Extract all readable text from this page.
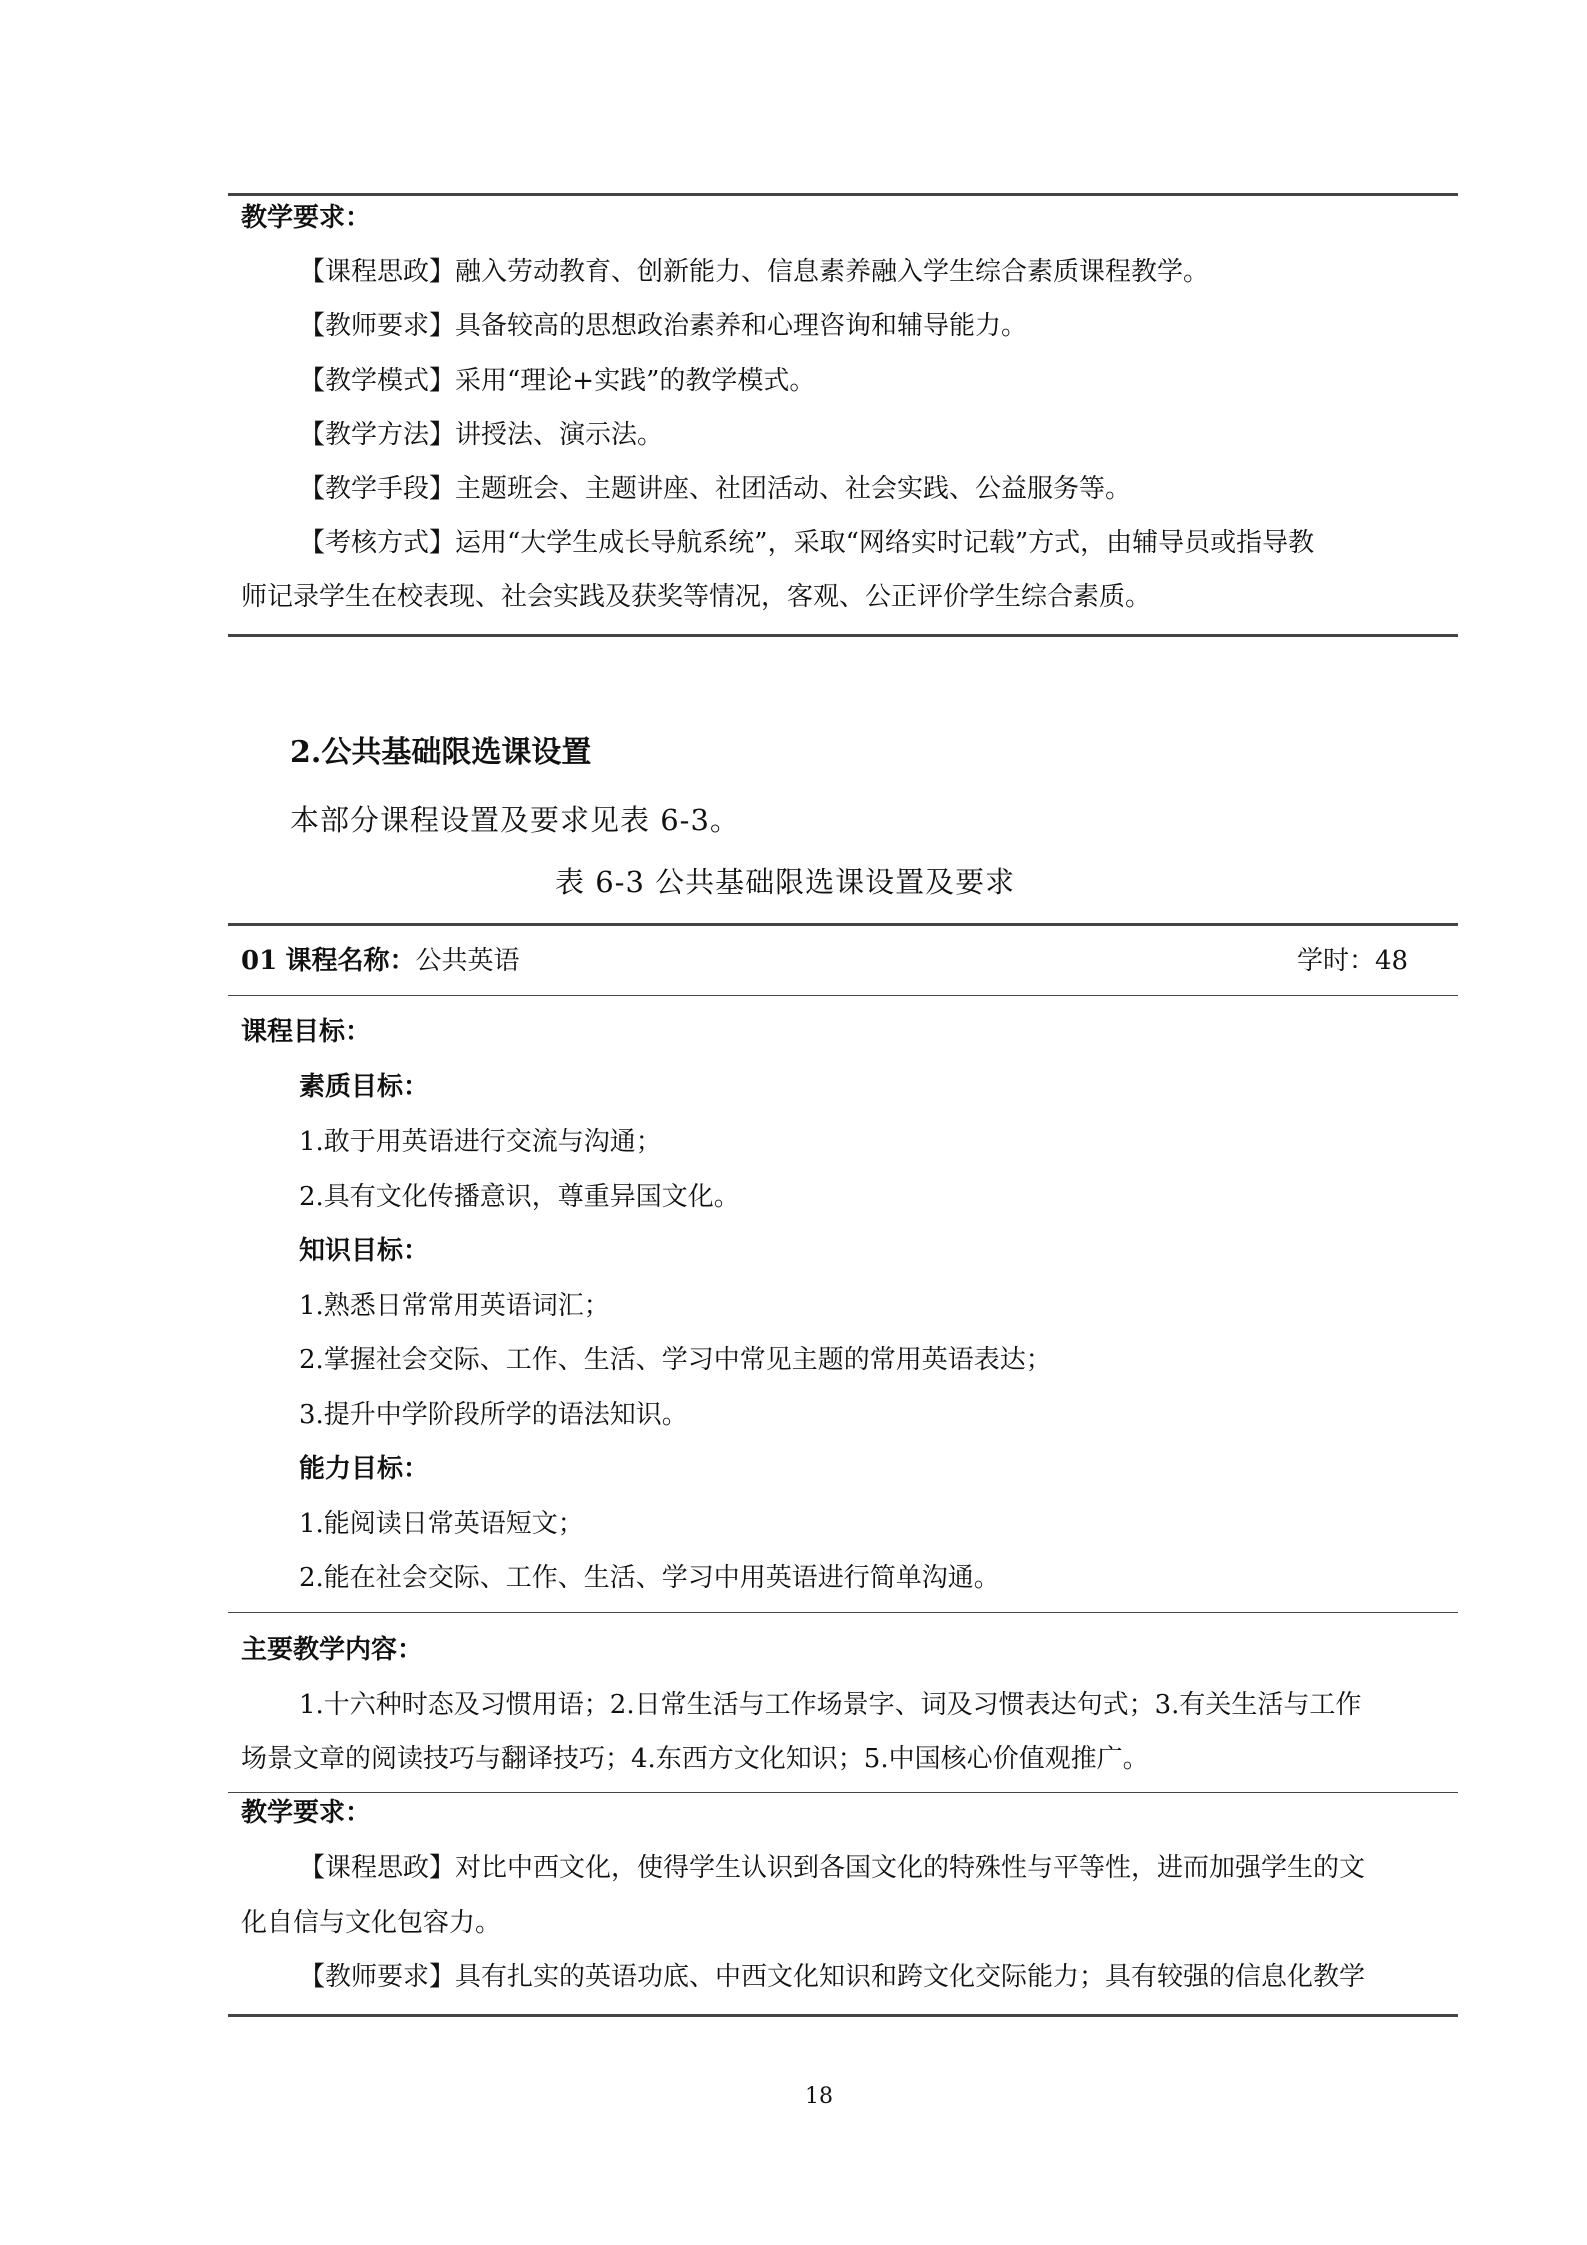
教学要求：
【课程思政】融入劳动教育、创新能力、信息素养融入学生综合素质课程教学。
【教师要求】具备较高的思想政治素养和心理咨询和辅导能力。
【教学模式】采用“理论+实践”的教学模式。
【教学方法】讲授法、演示法。
【教学手段】主题班会、主题讲座、社团活动、社会实践、公益服务等。
【考核方式】运用“大学生成长导航系统”，采取“网络实时记载”方式，由辅导员或指导教
师记录学生在校表现、社会实践及获奖等情况，客观、公正评价学生综合素质。
2.公共基础限选课设置
本部分课程设置及要求见表 6-3。
表 6-3 公共基础限选课设置及要求
01 课程名称：公共英语	学时：48
课程目标：
素质目标：
1.敢于用英语进行交流与沟通；
2.具有文化传播意识，尊重异国文化。
知识目标：
1.熟悉日常常用英语词汇；
2.掌握社会交际、工作、生活、学习中常见主题的常用英语表达；
3.提升中学阶段所学的语法知识。
能力目标：
1.能阅读日常英语短文；
2.能在社会交际、工作、生活、学习中用英语进行简单沟通。
主要教学内容：
1.十六种时态及习惯用语；2.日常生活与工作场景字、词及习惯表达句式；3.有关生活与工作
场景文章的阅读技巧与翻译技巧；4.东西方文化知识；5.中国核心价值观推广。
教学要求：
【课程思政】对比中西文化，使得学生认识到各国文化的特殊性与平等性，进而加强学生的文
化自信与文化包容力。
【教师要求】具有扎实的英语功底、中西文化知识和跨文化交际能力；具有较强的信息化教学
18
